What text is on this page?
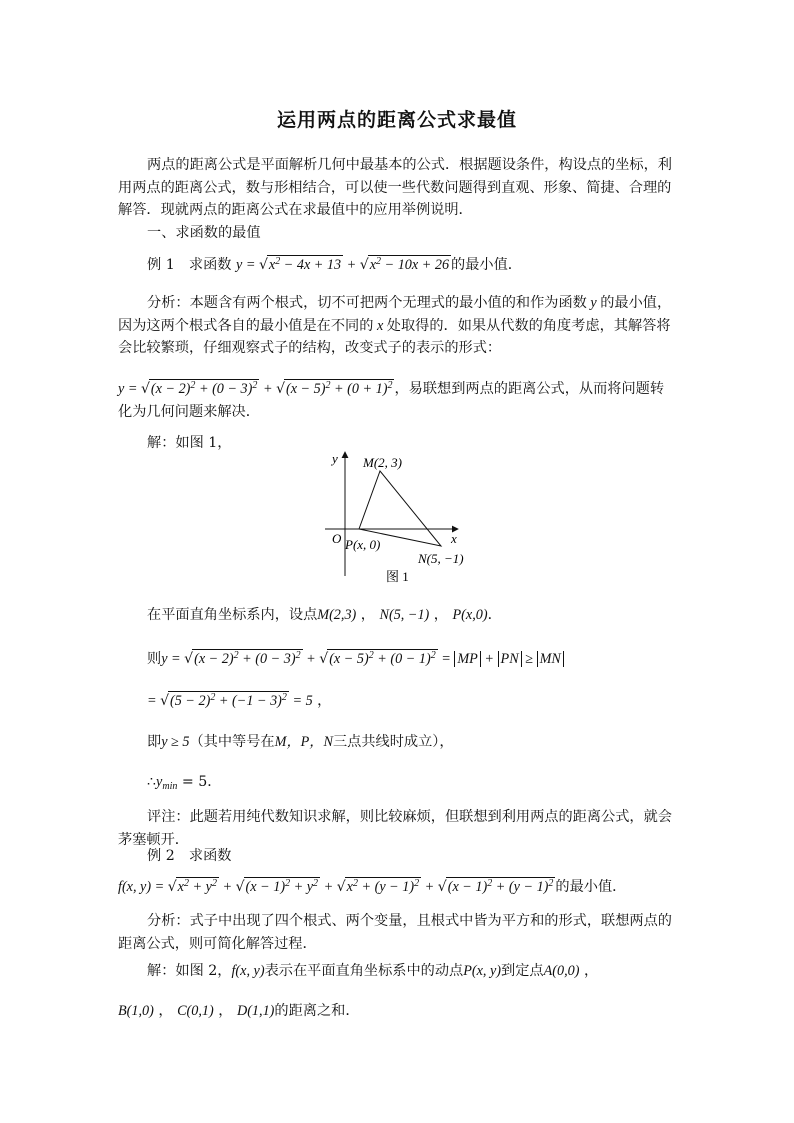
运用两点的距离公式求最值
两点的距离公式是平面解析几何中最基本的公式．根据题设条件，构设点的坐标，利用两点的距离公式，数与形相结合，可以使一些代数问题得到直观、形象、简捷、合理的解答．现就两点的距离公式在求最值中的应用举例说明．
一、求函数的最值
例 1　求函数 $y = √x^2 - 4x + 13 + √x^2 - 10x + 26$ 的最小值．
分析：本题含有两个根式，切不可把两个无理式的最小值的和作为函数 y 的最小值，因为这两个根式各自的最小值是在不同的 x 处取得的．如果从代数的角度考虑，其解答将会比较繁琐，仔细观察式子的结构，改变式子的表示的形式：
$y = √(x - 2)^2 + (0 - 3)^2 + √(x - 5)^2 + (0 + 1)^2$ ，易联想到两点的距离公式，从而将问题转化为几何问题来解决．
解：如图 1，
y
x
O
M(2, 3)
P(x, 0)
N(5, −1)
图 1
在平面直角坐标系内，设点M(2,3) ， N(5, −1) ， P(x,0)．
则$y = √(x - 2)^2 + (0 - 3)^2 + √(x - 5)^2 + (0 - 1)^2$ = MP + PN ≥ MN
= $√(5 - 2)^2 + (-1 - 3)^2 = 5$ ，
即y ≥ 5（其中等号在M，P，N三点共线时成立），
$\therefore y_{min} = 5$．
评注：此题若用纯代数知识求解，则比较麻烦，但联想到利用两点的距离公式，就会茅塞顿开．
例 2　求函数
f(x, $y) = √x^2 + y^2 + √(x - 1)^2 + y^2 + √x^2 + (y - 1)^2 + √(x - 1)^2 + (y - 1)^2$ 的最小值．
分析：式子中出现了四个根式、两个变量，且根式中皆为平方和的形式，联想两点的距离公式，则可简化解答过程．
解：如图 2，f(x, y)表示在平面直角坐标系中的动点P(x, y)到定点A(0,0) ，
B(1,0) ， C(0,1) ， D(1,1)的距离之和．
